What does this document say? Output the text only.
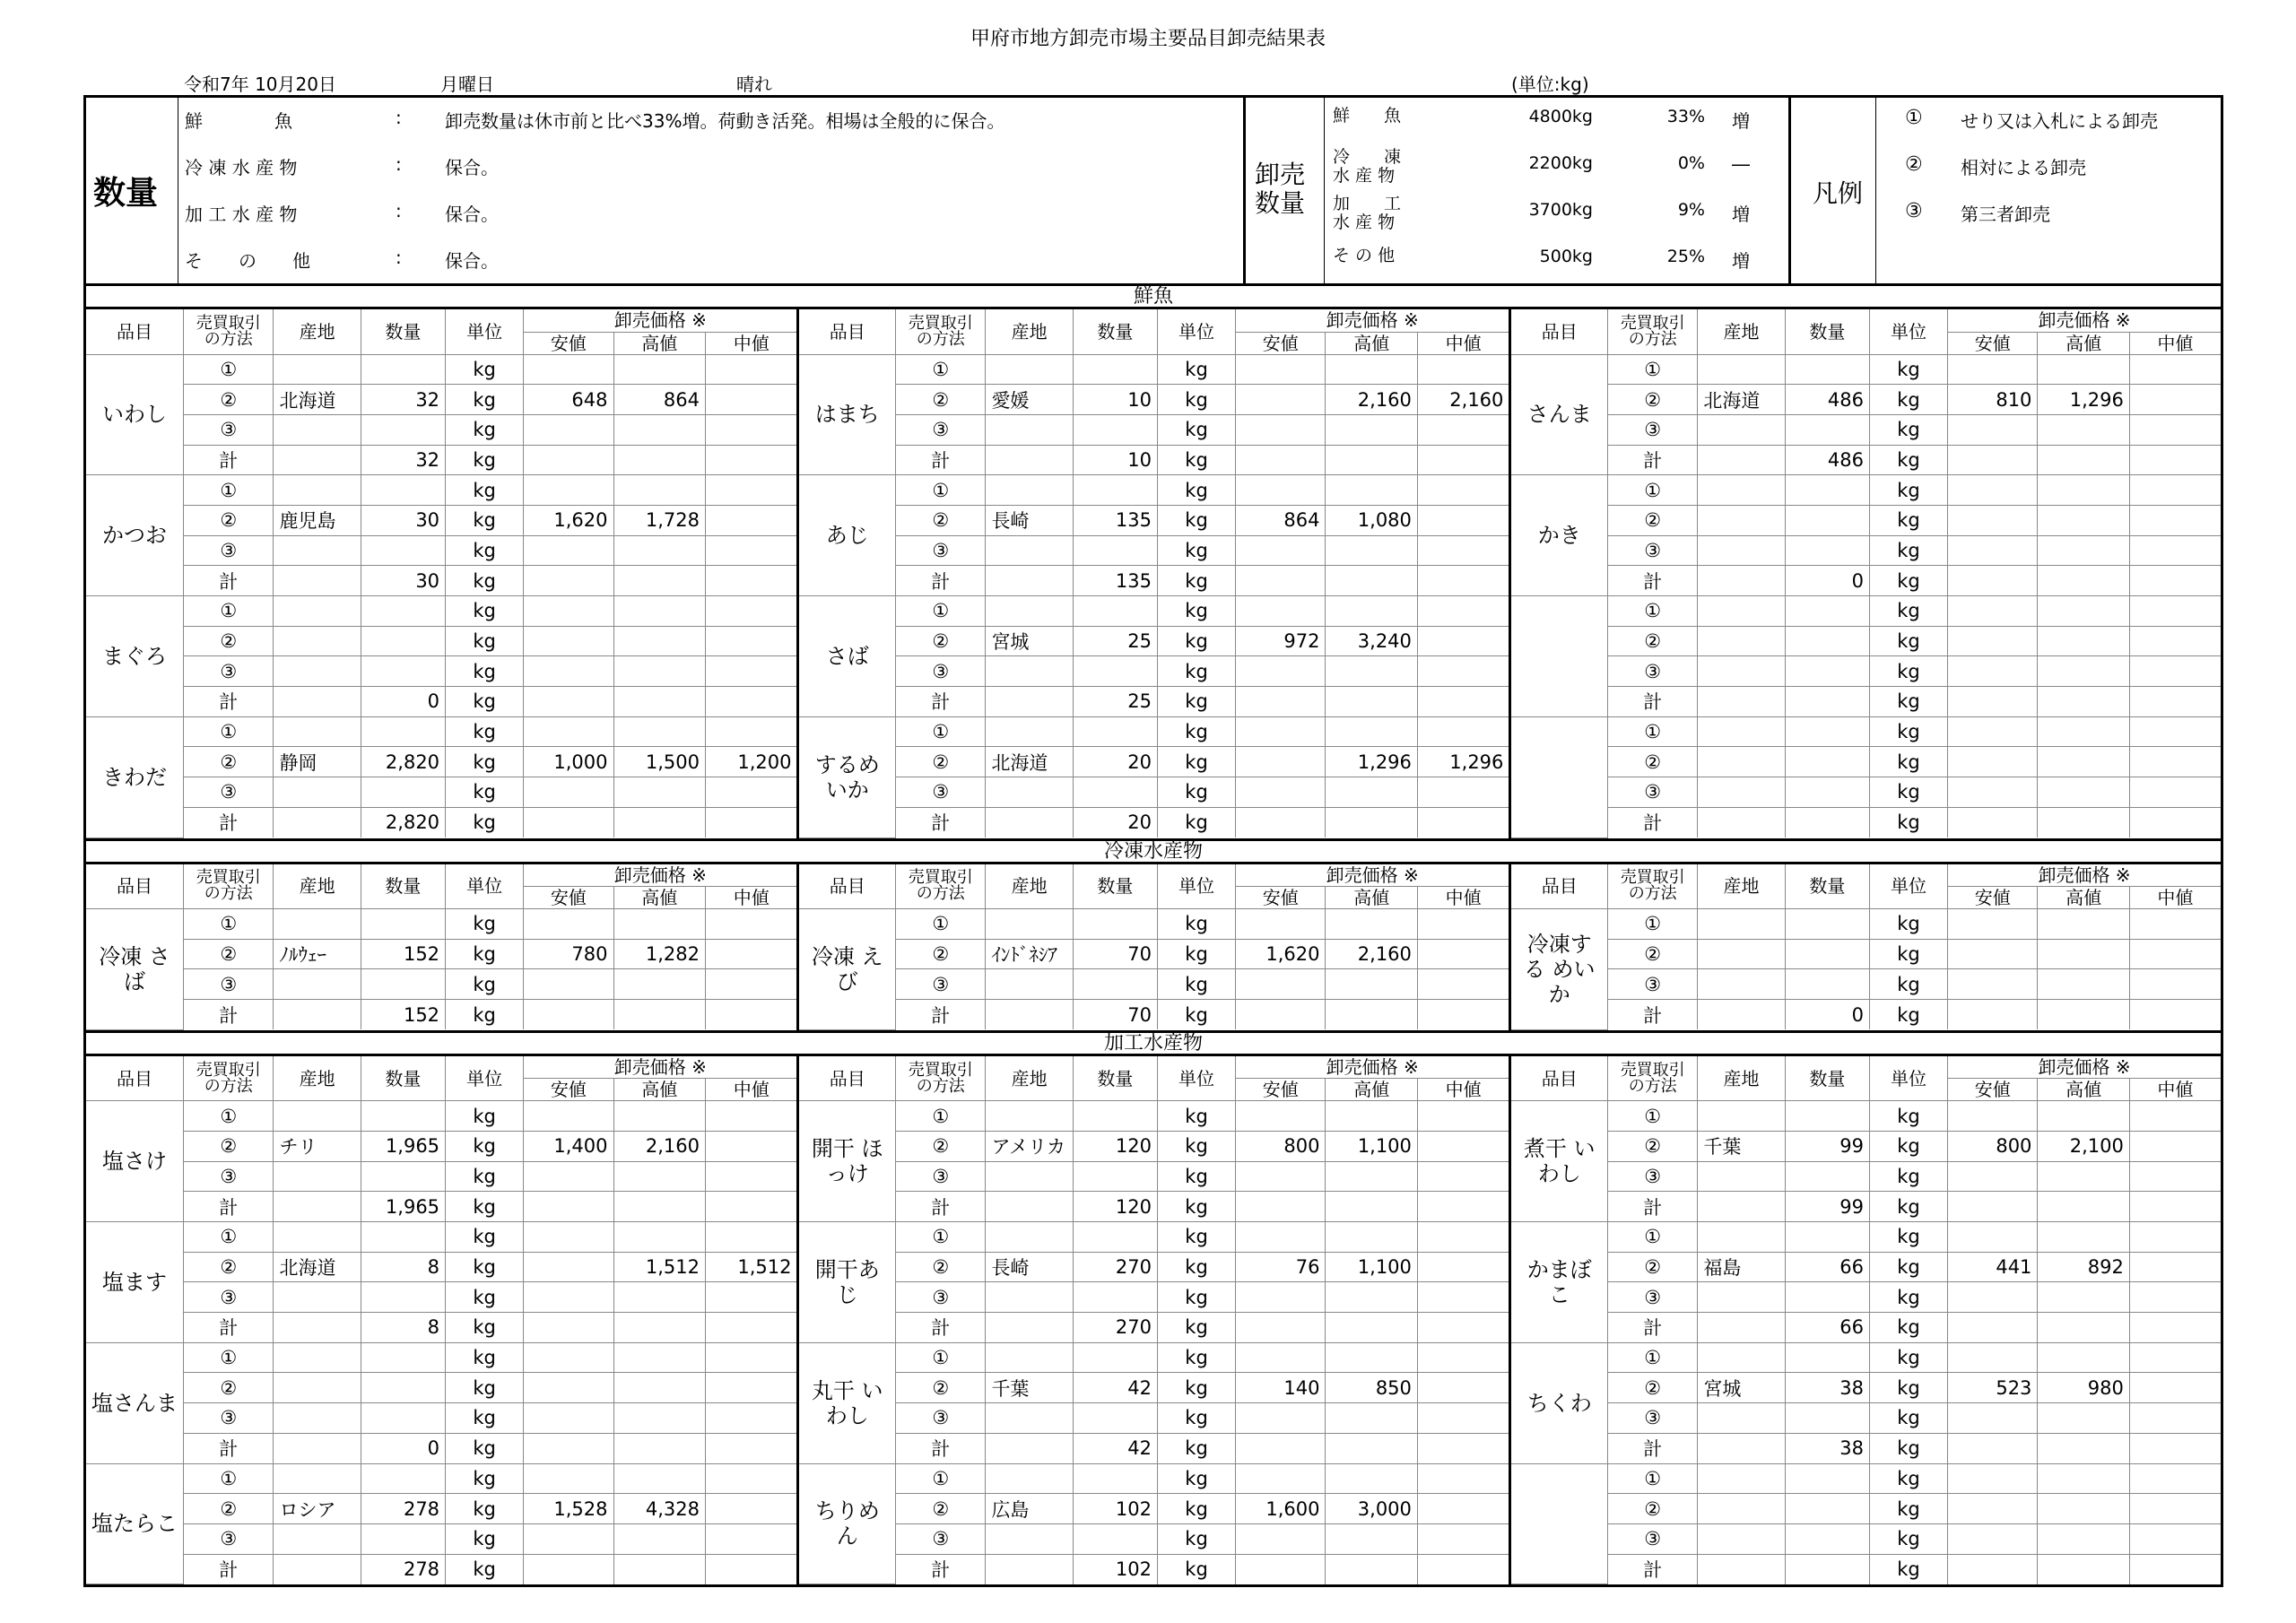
甲府市地方卸売市場主要品目卸売結果表
令和7年 10月20日	月曜日	晴れ	(単位:kg)
数量
鮮　　　　魚	: 卸売数量は休市前と比べ33%増。荷動き活発。相場は全般的に保合。
冷 凍 水 産 物	: 保合。
加 工 水 産 物	: 保合。
そ　　の　　他	: 保合。
卸売
数量
鮮　　魚	4800kg	33% 増
冷　　凍
水 産 物
2200kg	0% ―
加　　工
水 産 物
3700kg	9% 増
そ の 他	500kg	25% 増
凡例
① せり又は入札による卸売
② 相対による卸売
③ 第三者卸売
鮮魚
品目	売買取引
の方法	産地	数量	単位	卸売価格 ※			品目	売買取引
の方法	産地	数量	単位	卸売価格 ※			品目	売買取引
の方法	産地	数量	単位	卸売価格 ※		
					安値	高値	中値						安値	高値	中値						安値	高値	中値
いわし	①			kg				はまち	①			kg				さんま	①			kg			
	②	北海道	32	kg	648	864			②	愛媛	10	kg		2,160	2,160		②	北海道	486	kg	810	1,296	
	③			kg					③			kg					③			kg			
	計		32	kg					計		10	kg					計		486	kg			
かつお	①			kg				あじ	①			kg				かき	①			kg			
	②	鹿児島	30	kg	1,620	1,728			②	長崎	135	kg	864	1,080			②			kg			
	③			kg					③			kg					③			kg			
	計		30	kg					計		135	kg					計		0	kg			
まぐろ	①			kg				さば	①			kg					①			kg			
	②			kg					②	宮城	25	kg	972	3,240			②			kg			
	③			kg					③			kg					③			kg			
	計		0	kg					計		25	kg					計			kg			
きわだ	①			kg				するめ いか	①			kg					①			kg			
	②	静岡	2,820	kg	1,000	1,500	1,200		②	北海道	20	kg		1,296	1,296		②			kg			
	③			kg					③			kg					③			kg			
	計		2,820	kg					計		20	kg					計			kg			
冷凍水産物
品目	売買取引
の方法	産地	数量	単位	卸売価格 ※			品目	売買取引
の方法	産地	数量	単位	卸売価格 ※			品目	売買取引
の方法	産地	数量	単位	卸売価格 ※		
					安値	高値	中値						安値	高値	中値						安値	高値	中値
冷凍 さば	①			kg				冷凍 えび	①			kg				冷凍する めいか	①			kg			
	②	ﾉﾙｳｪｰ	152	kg	780	1,282			②	ｲﾝﾄﾞﾈｼｱ	70	kg	1,620	2,160			②			kg			
	③			kg					③			kg					③			kg			
	計		152	kg					計		70	kg					計		0	kg			
加工水産物
品目	売買取引
の方法	産地	数量	単位	卸売価格 ※			品目	売買取引
の方法	産地	数量	単位	卸売価格 ※			品目	売買取引
の方法	産地	数量	単位	卸売価格 ※		
					安値	高値	中値						安値	高値	中値						安値	高値	中値
塩さけ	①			kg				開干 ほっけ	①			kg				煮干 いわし	①			kg			
	②	チリ	1,965	kg	1,400	2,160			②	アメリカ	120	kg	800	1,100			②	千葉	99	kg	800	2,100	
	③			kg					③			kg					③			kg			
	計		1,965	kg					計		120	kg					計		99	kg			
塩ます	①			kg				開干あじ	①			kg				かまぼこ	①			kg			
	②	北海道	8	kg		1,512	1,512		②	長崎	270	kg	76	1,100			②	福島	66	kg	441	892	
	③			kg					③			kg					③			kg			
	計		8	kg					計		270	kg					計		66	kg			
塩さんま	①			kg				丸干 いわし	①			kg				ちくわ	①			kg			
	②			kg					②	千葉	42	kg	140	850			②	宮城	38	kg	523	980	
	③			kg					③			kg					③			kg			
	計		0	kg					計		42	kg					計		38	kg			
塩たらこ	①			kg				ちりめん	①			kg					①			kg			
	②	ロシア	278	kg	1,528	4,328			②	広島	102	kg	1,600	3,000			②			kg			
	③			kg					③			kg					③			kg			
	計		278	kg					計		102	kg					計			kg			
